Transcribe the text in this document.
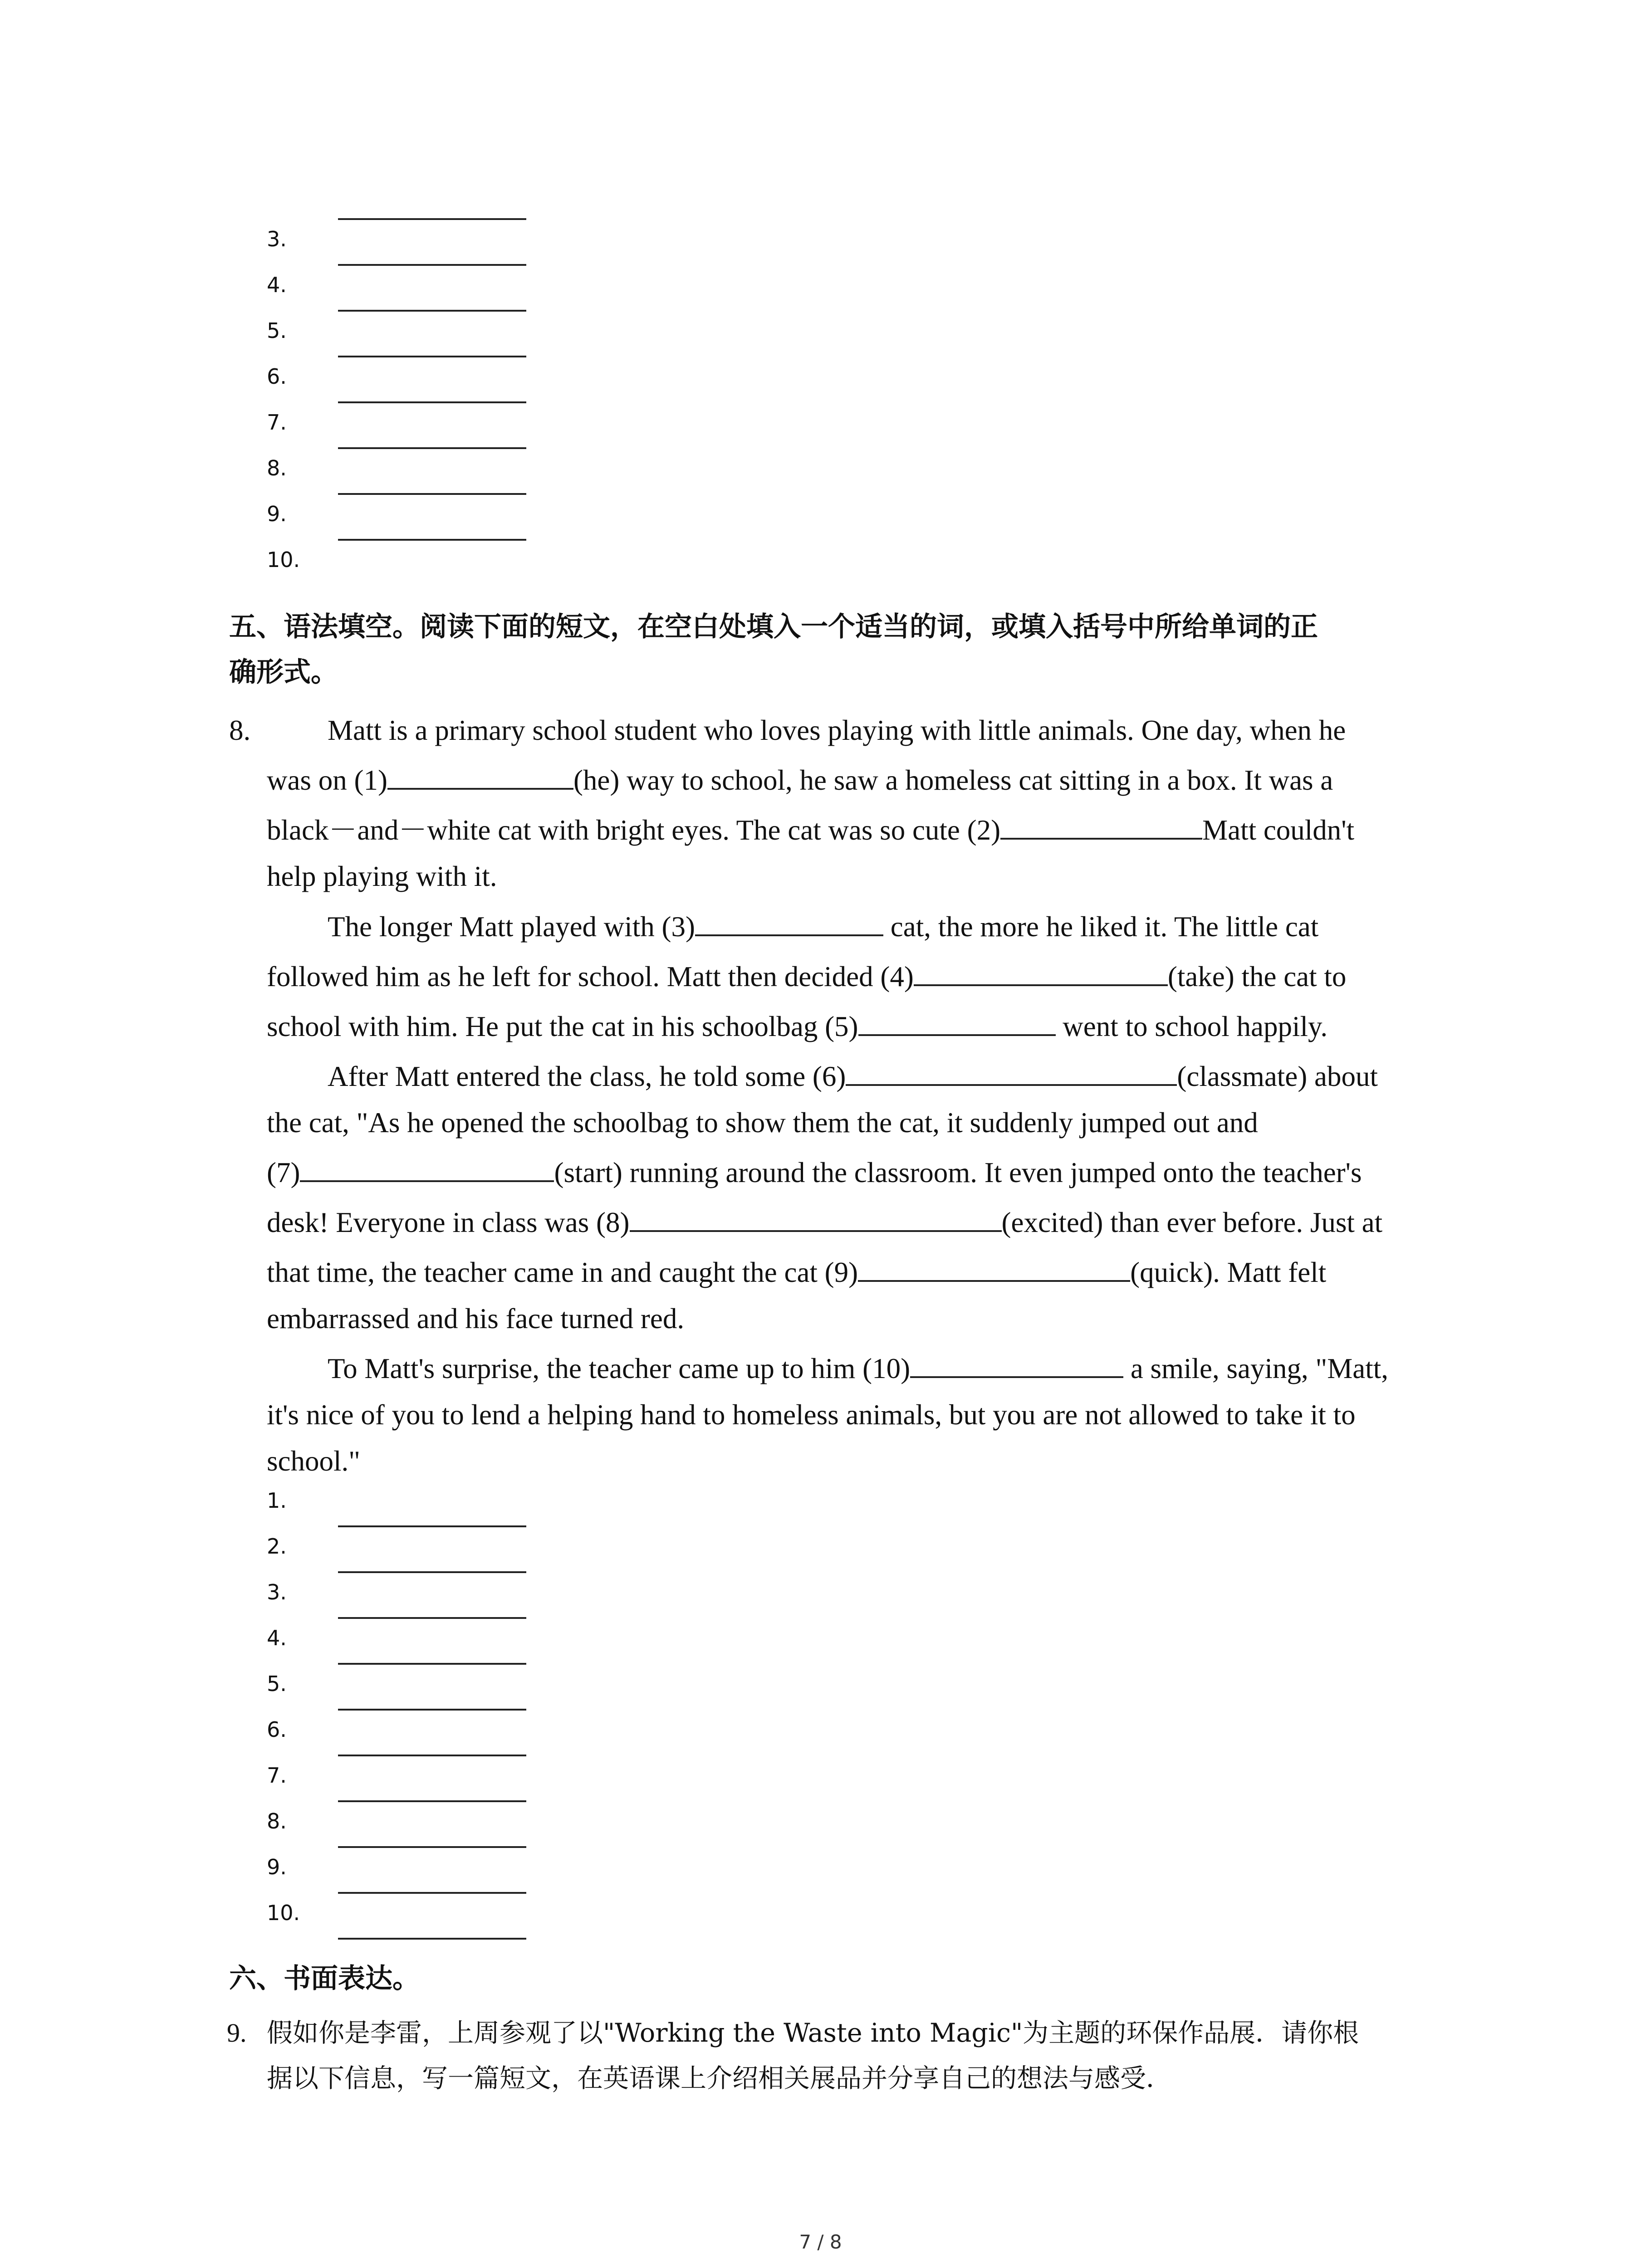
3.
4.
5.
6.
7.
8.
9.
10.
五、语法填空。阅读下面的短文，在空白处填入一个适当的词，或填入括号中所给单词的正
确形式。
8.	Matt is a primary school student who loves playing with little animals. One day, when he
was on (1)	(he) way to school, he saw a homeless cat sitting in a box. It was a
black－and－white cat with bright eyes. The cat was so cute (2)	Matt couldn't
help playing with it.
The longer Matt played with (3)	cat, the more he liked it. The little cat
followed him as he left for school. Matt then decided (4)	(take) the cat to
school with him. He put the cat in his schoolbag (5)	went to school happily.
After Matt entered the class, he told some (6)	(classmate) about
the cat, "As he opened the schoolbag to show them the cat, it suddenly jumped out and
(7)	(start) running around the classroom. It even jumped onto the teacher's
desk! Everyone in class was (8)	(excited) than ever before. Just at
that time, the teacher came in and caught the cat (9)	(quick). Matt felt
embarrassed and his face turned red.
To Matt's surprise, the teacher came up to him (10)	a smile, saying, "Matt,
it's nice of you to lend a helping hand to homeless animals, but you are not allowed to take it to
school."
1.
2.
3.
4.
5.
6.
7.
8.
9.
10.
六、书面表达。
9. 假如你是李雷，上周参观了以"Working the Waste into Magic"为主题的环保作品展．请你根
据以下信息，写一篇短文，在英语课上介绍相关展品并分享自己的想法与感受．
7 / 8
